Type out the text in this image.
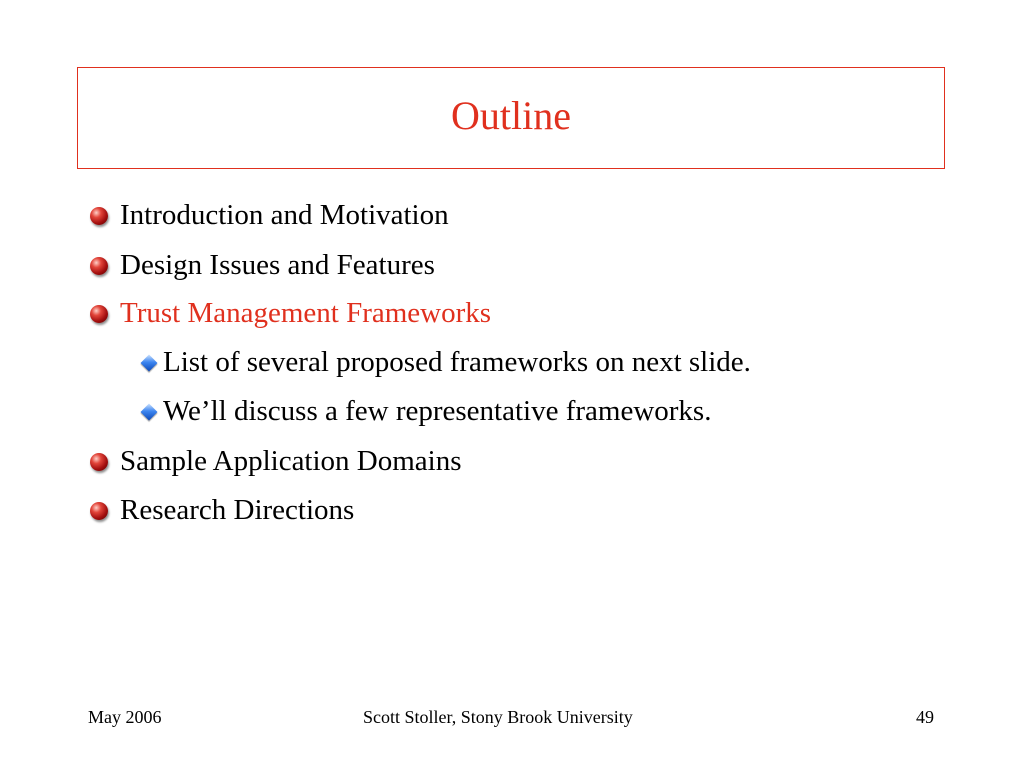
Outline
Introduction and Motivation
Design Issues and Features
Trust Management Frameworks
List of several proposed frameworks on next slide.
We’ll discuss a few representative frameworks.
Sample Application Domains
Research Directions
May 2006	Scott Stoller, Stony Brook University	49
